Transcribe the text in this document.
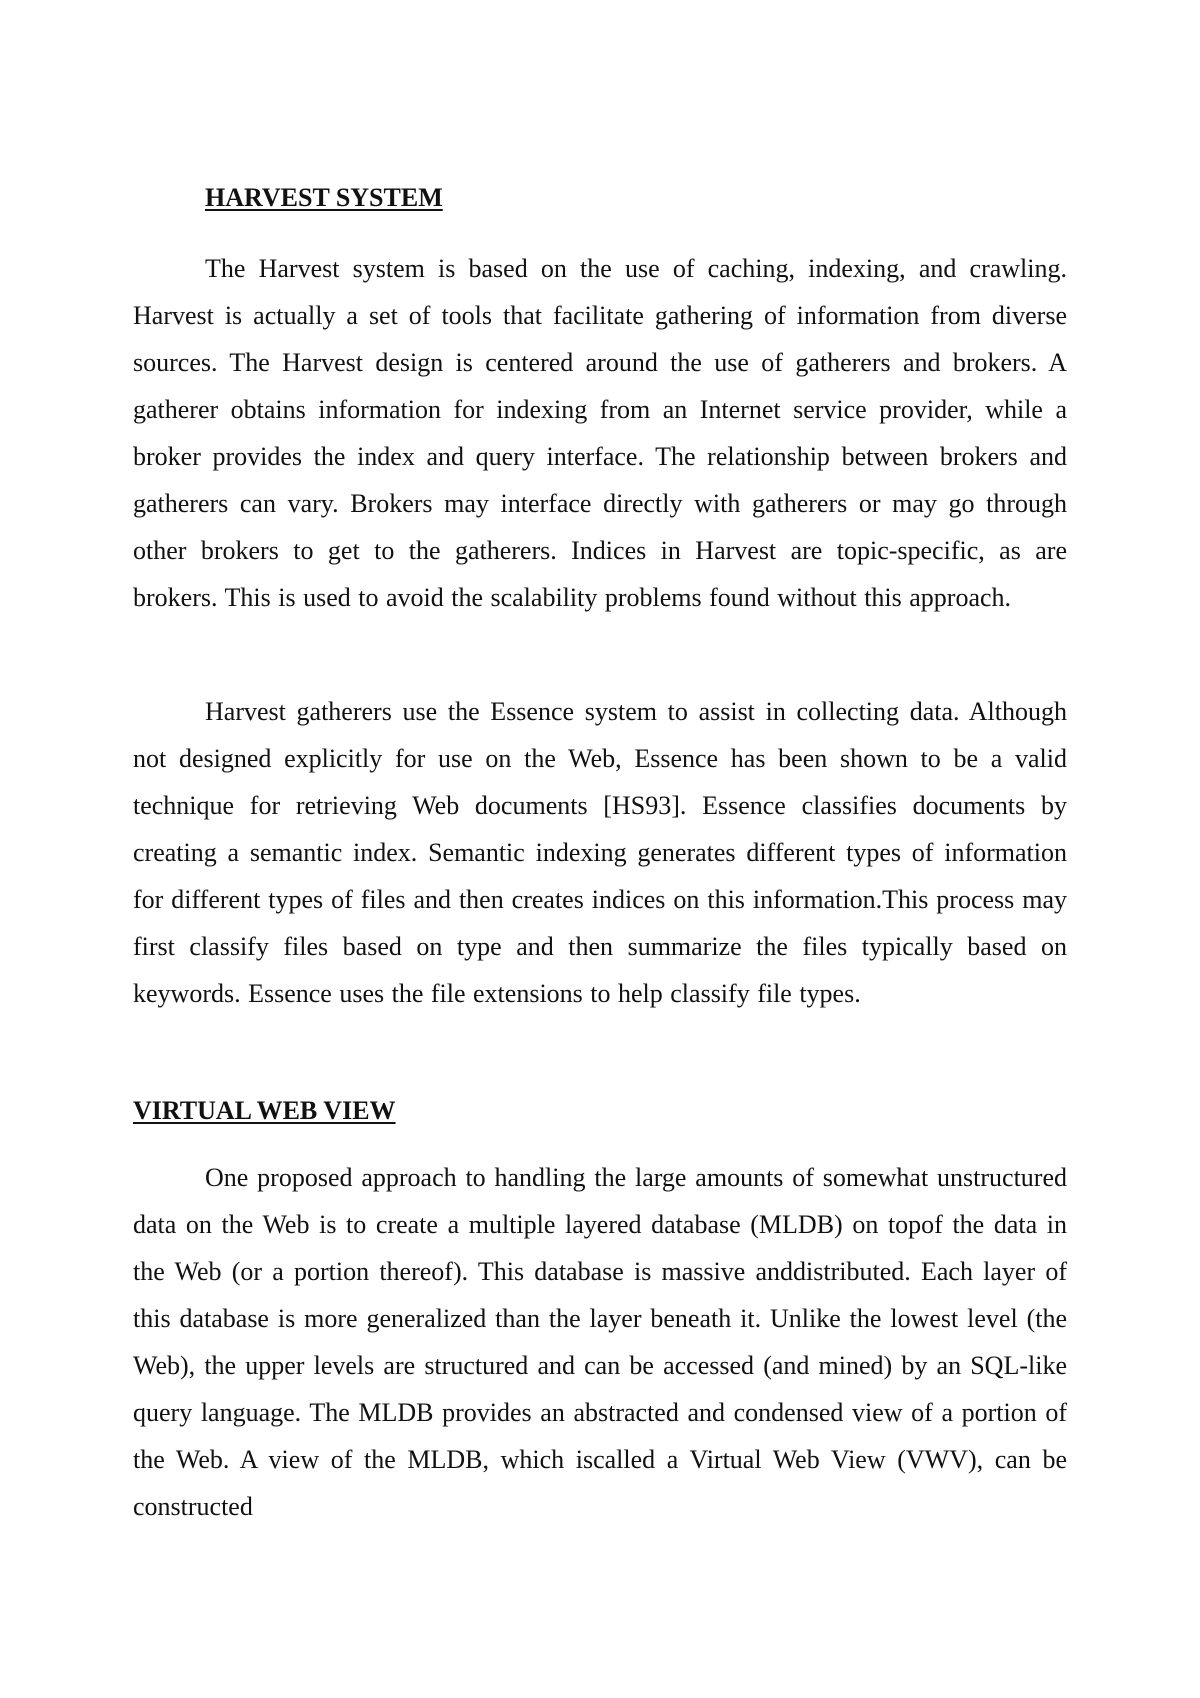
HARVEST SYSTEM

The Harvest system is based on the use of caching, indexing, and crawling. Harvest is actually a set of tools that facilitate gathering of information from diverse sources. The Harvest design is centered around the use of gatherers and brokers. A gatherer obtains information for indexing from an Internet service provider, while a broker provides the index and query interface. The relationship between brokers and gatherers can vary. Brokers may interface directly with gatherers or may go through other brokers to get to the gatherers. Indices in Harvest are topic-specific, as are brokers. This is used to avoid the scalability problems found without this approach.

Harvest gatherers use the Essence system to assist in collecting data. Although not designed explicitly for use on the Web, Essence has been shown to be a valid technique for retrieving Web documents [HS93]. Essence classifies documents by creating a semantic index. Semantic indexing generates different types of information for different types of files and then creates indices on this information.This process may first classify files based on type and then summarize the files typically based on keywords. Essence uses the file extensions to help classify file types.

VIRTUAL WEB VIEW

One proposed approach to handling the large amounts of somewhat unstructured data on the Web is to create a multiple layered database (MLDB) on topof the data in the Web (or a portion thereof). This database is massive anddistributed. Each layer of this database is more generalized than the layer beneath it. Unlike the lowest level (the Web), the upper levels are structured and can be accessed (and mined) by an SQL-like query language. The MLDB provides an abstracted and condensed view of a portion of the Web. A view of the MLDB, which iscalled a Virtual Web View (VWV), can be constructed
